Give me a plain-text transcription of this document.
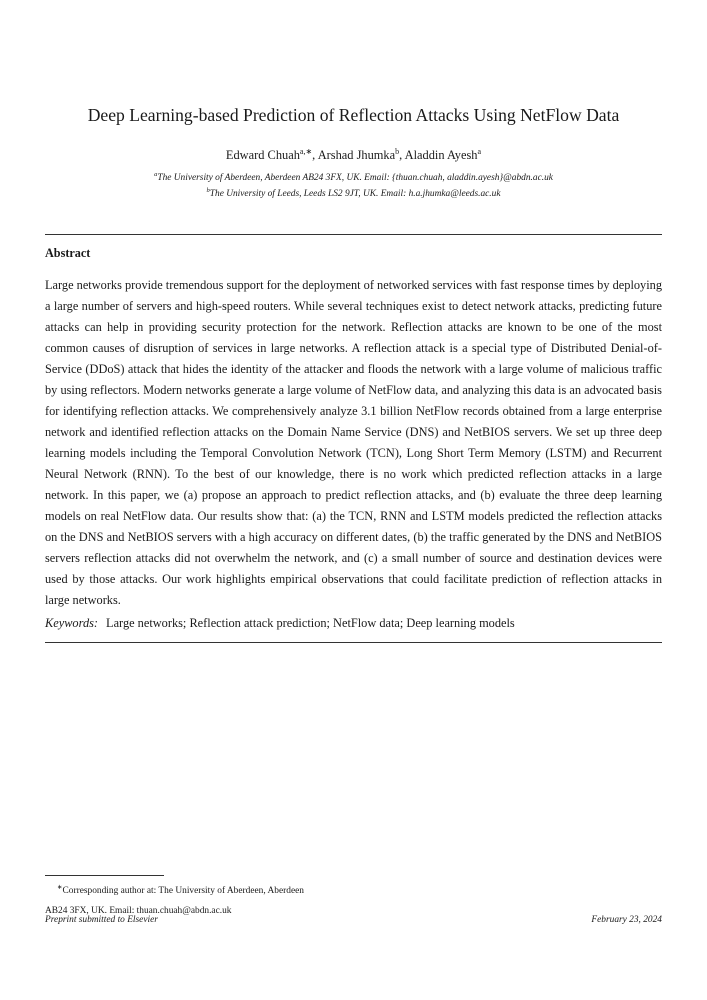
Deep Learning-based Prediction of Reflection Attacks Using NetFlow Data
Edward Chuah$^{a,∗}$, Arshad Jhumka$^b$, Aladdin Ayesh$^a$
$^a$The University of Aberdeen, Aberdeen AB24 3FX, UK. Email: {thuan.chuah, aladdin.ayesh}@abdn.ac.uk
$^b$The University of Leeds, Leeds LS2 9JT, UK. Email: h.a.jhumka@leeds.ac.uk
Abstract

Large networks provide tremendous support for the deployment of networked services with fast response times by deploying a large number of servers and high-speed routers. While several techniques exist to detect network attacks, predicting future attacks can help in providing security protection for the network. Reflection attacks are known to be one of the most common causes of disruption of services in large networks. A reflection attack is a special type of Distributed Denial-of-Service (DDoS) attack that hides the identity of the attacker and floods the network with a large volume of malicious traffic by using reflectors. Modern networks generate a large volume of NetFlow data, and analyzing this data is an advocated basis for identifying reflection attacks. We comprehensively analyze 3.1 billion NetFlow records obtained from a large enterprise network and identified reflection attacks on the Domain Name Service (DNS) and NetBIOS servers. We set up three deep learning models including the Temporal Convolution Network (TCN), Long Short Term Memory (LSTM) and Recurrent Neural Network (RNN). To the best of our knowledge, there is no work which predicted reflection attacks in a large network. In this paper, we (a) propose an approach to predict reflection attacks, and (b) evaluate the three deep learning models on real NetFlow data. Our results show that: (a) the TCN, RNN and LSTM models predicted the reflection attacks on the DNS and NetBIOS servers with a high accuracy on different dates, (b) the traffic generated by the DNS and NetBIOS servers reflection attacks did not overwhelm the network, and (c) a small number of source and destination devices were used by those attacks. Our work highlights empirical observations that could facilitate prediction of reflection attacks in large networks.

Keywords: Large networks; Reflection attack prediction; NetFlow data; Deep learning models
∗Corresponding author at: The University of Aberdeen, Aberdeen
AB24 3FX, UK. Email: thuan.chuah@abdn.ac.uk
Preprint submitted to Elsevier	February 23, 2024
